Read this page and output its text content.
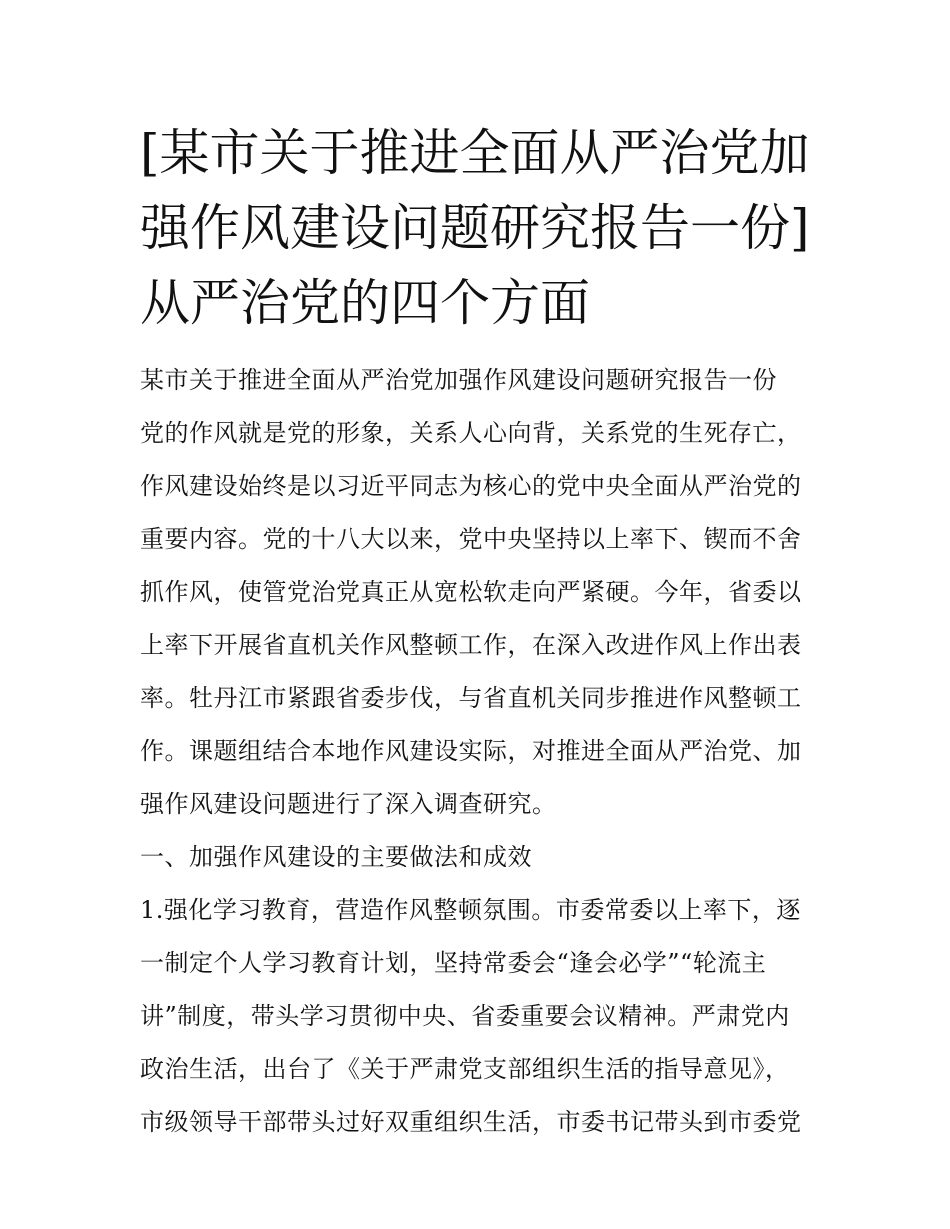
[某市关于推进全面从严治党加
强作风建设问题研究报告一份]
从严治党的四个方面
某市关于推进全面从严治党加强作风建设问题研究报告一份
党的作风就是党的形象，关系人心向背，关系党的生死存亡，
作风建设始终是以习近平同志为核心的党中央全面从严治党的
重要内容。党的十八大以来，党中央坚持以上率下、锲而不舍
抓作风，使管党治党真正从宽松软走向严紧硬。今年，省委以
上率下开展省直机关作风整顿工作，在深入改进作风上作出表
率。牡丹江市紧跟省委步伐，与省直机关同步推进作风整顿工
作。课题组结合本地作风建设实际，对推进全面从严治党、加
强作风建设问题进行了深入调查研究。
一、加强作风建设的主要做法和成效
1.强化学习教育，营造作风整顿氛围。市委常委以上率下，逐
一制定个人学习教育计划，坚持常委会“逢会必学”“轮流主
讲”制度，带头学习贯彻中央、省委重要会议精神。严肃党内
政治生活，出台了《关于严肃党支部组织生活的指导意见》，
市级领导干部带头过好双重组织生活，市委书记带头到市委党
